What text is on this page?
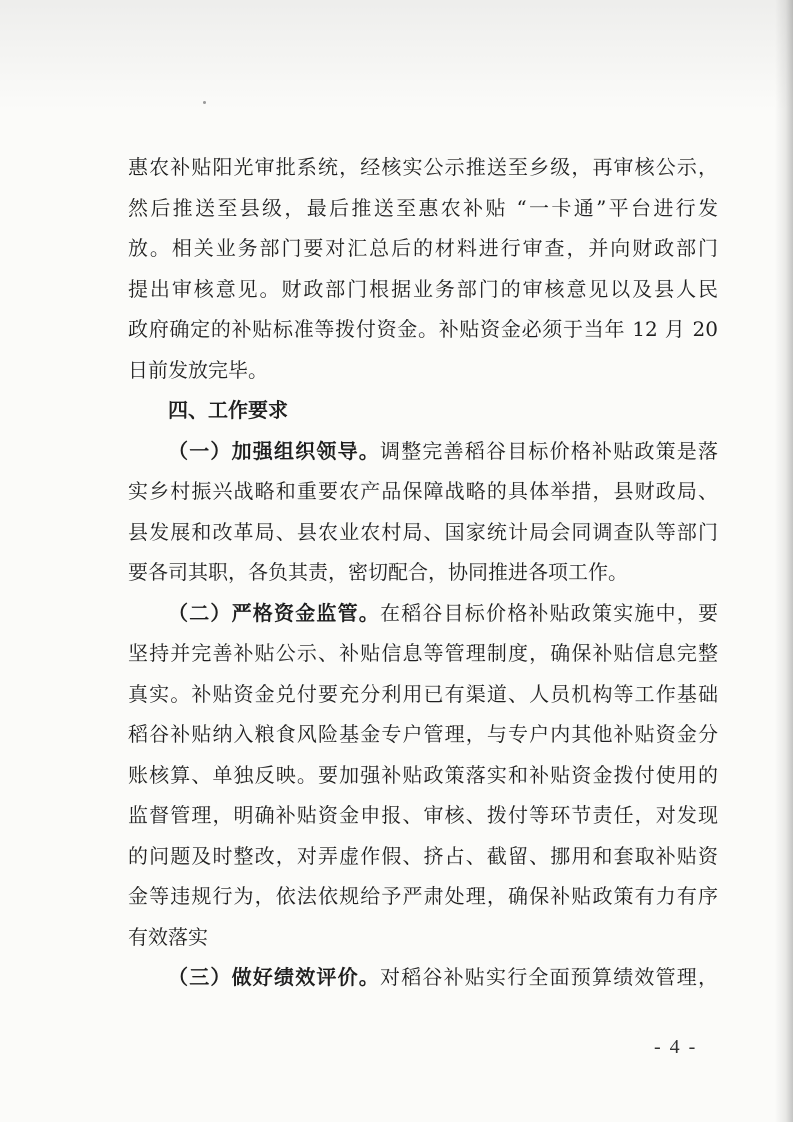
惠农补贴阳光审批系统，经核实公示推送至乡级，再审核公示，
然后推送至县级，最后推送至惠农补贴 “一卡通”平台进行发
放。相关业务部门要对汇总后的材料进行审查，并向财政部门
提出审核意见。财政部门根据业务部门的审核意见以及县人民
政府确定的补贴标准等拨付资金。补贴资金必须于当年 12 月 20
日前发放完毕。
四、工作要求
（一）加强组织领导。调整完善稻谷目标价格补贴政策是落
实乡村振兴战略和重要农产品保障战略的具体举措，县财政局、
县发展和改革局、县农业农村局、国家统计局会同调查队等部门
要各司其职，各负其责，密切配合，协同推进各项工作。
（二）严格资金监管。在稻谷目标价格补贴政策实施中，要
坚持并完善补贴公示、补贴信息等管理制度，确保补贴信息完整
真实。补贴资金兑付要充分利用已有渠道、人员机构等工作基础
稻谷补贴纳入粮食风险基金专户管理，与专户内其他补贴资金分
账核算、单独反映。要加强补贴政策落实和补贴资金拨付使用的
监督管理，明确补贴资金申报、审核、拨付等环节责任，对发现
的问题及时整改，对弄虚作假、挤占、截留、挪用和套取补贴资
金等违规行为，依法依规给予严肃处理，确保补贴政策有力有序
有效落实
（三）做好绩效评价。对稻谷补贴实行全面预算绩效管理，
- 4 -
